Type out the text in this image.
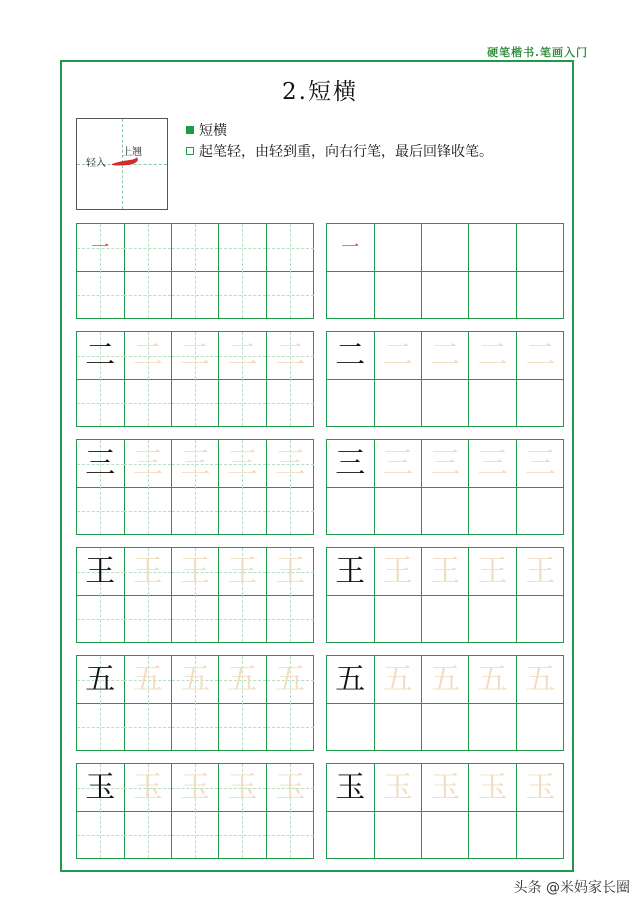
硬笔楷书.笔画入门
2.短横
轻入
上翘
短横
起笔轻，由轻到重，向右行笔，最后回锋收笔。
一	一
二 二 二 二 二 二 二 二 二 二
三 三 三 三 三 三 三 三 三 三
王 王 王 王 王 王 王 王 王 王
五 五 五 五 五 五 五 五 五 五
玉 玉 玉 玉 玉 玉 玉 玉 玉 玉
头条 @米妈家长圈
